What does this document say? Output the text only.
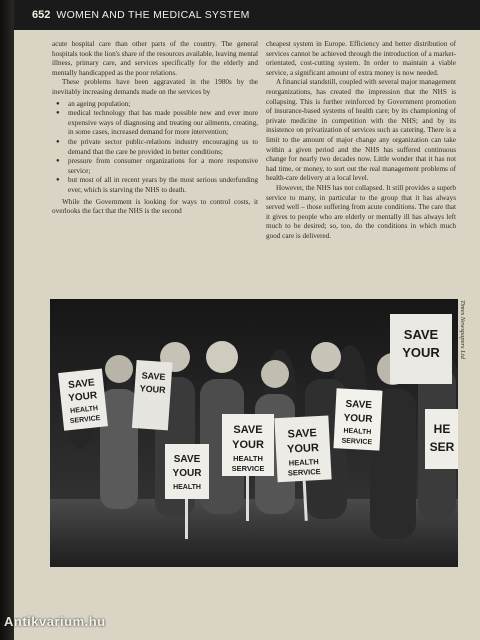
652 WOMEN AND THE MEDICAL SYSTEM

acute hospital care than other parts of the country. The general hospitals took the lion's share of the resources available, leaving mental illness, primary care, and services specifically for the elderly and mentally handicapped as the poor relations.

These problems have been aggravated in the 1980s by the inevitably increasing demands made on the services by

● an ageing population;
● medical technology that has made possible new and ever more expensive ways of diagnosing and treating our ailments, creating, in some cases, increased demand for more intervention;
● the private sector public-relations industry encouraging us to demand that the care be provided in better conditions;
● pressure from consumer organizations for a more responsive service;
● but most of all in recent years by the most serious underfunding ever, which is starving the NHS to death.

While the Government is looking for ways to control costs, it overlooks the fact that the NHS is the second

cheapest system in Europe. Efficiency and better distribution of services cannot be achieved through the introduction of a market-orientated, cost-cutting system. In order to maintain a viable service, a significant amount of extra money is now needed.

A financial standstill, coupled with several major management reorganizations, has created the impression that the NHS is collapsing. This is further reinforced by Government promotion of insurance-based systems of health care; by its championing of private medicine in competition with the NHS; and by its insistence on privatization of services such as catering. There is a limit to the amount of major change any organization can take within a given period and the NHS has suffered continuous change for nearly two decades now. Little wonder that it has not had time, or money, to sort out the real management problems of health-care delivery at a local level.

However, the NHS has not collapsed. It still provides a superb service to many, in particular to the group that it has always served well – those suffering from acute conditions. The care that it gives to people who are elderly or mentally ill has always left much to be desired; so, too, do the conditions in which much good care is delivered.

SAVE
YOUR
HEALTH
SERVICE
SAVE
YOUR
SAVE
YOUR
HEALTH
SAVE
YOUR
HEALTH
SERVICE
SAVE
YOUR
HEALTH
SERVICE
SAVE
YOUR
HEALTH
SERVICE
SAVE
YOUR
HE
SER
Times Newspapers Ltd
Antikvarium.hu
